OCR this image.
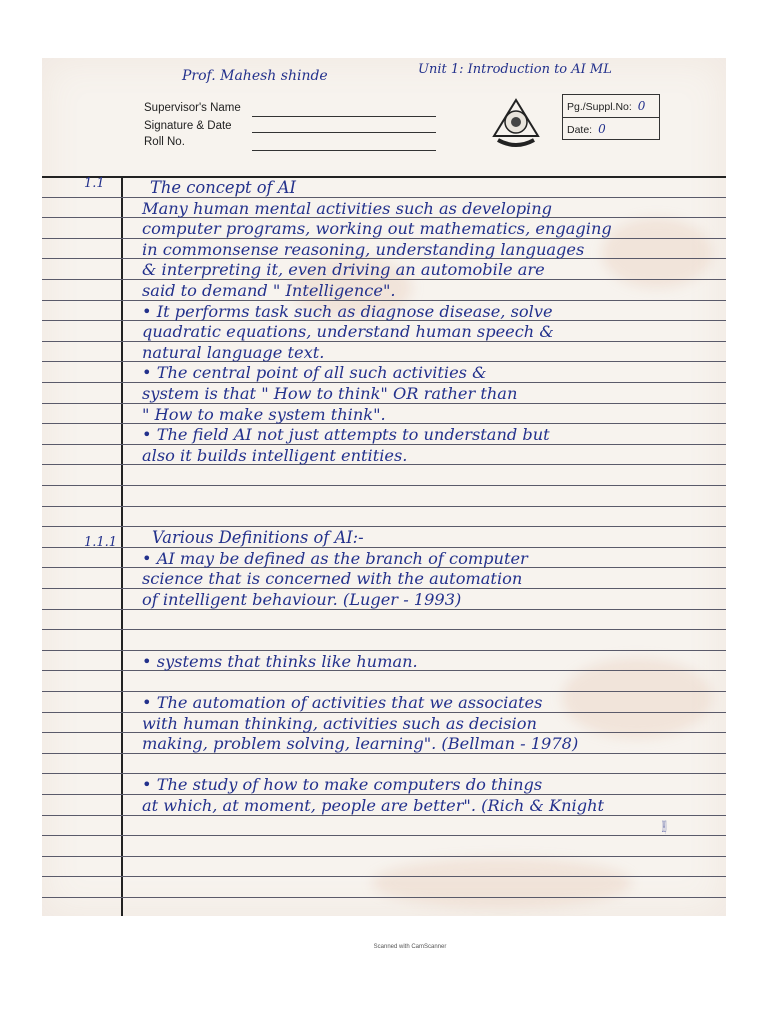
Prof. Mahesh shinde	Unit 1: Introduction to AI ML
Supervisor's Name
Signature & Date
Roll No.
Pg./Suppl.No: 0
Date: 0
1.1
1.1.1
The concept of AI
Many human mental activities such as developing
computer programs, working out mathematics, engaging
in commonsense reasoning, understanding languages
& interpreting it, even driving an automobile are
said to demand " Intelligence".
• It performs task such as diagnose disease, solve
quadratic equations, understand human speech &
natural language text.
• The central point of all such activities &
system is that " How to think" OR rather than
" How to make system think".
• The field AI not just attempts to understand but
also it builds intelligent entities.
Various Definitions of AI:-
• AI may be defined as the branch of computer
science that is concerned with the automation
of intelligent behaviour. (Luger - 1993)
• systems that thinks like human.
• The automation of activities that we associates
with human thinking, activities such as decision
making, problem solving, learning". (Bellman - 1978)
• The study of how to make computers do things
at which, at moment, people are better". (Rich & Knight
1991)
Scanned with CamScanner
